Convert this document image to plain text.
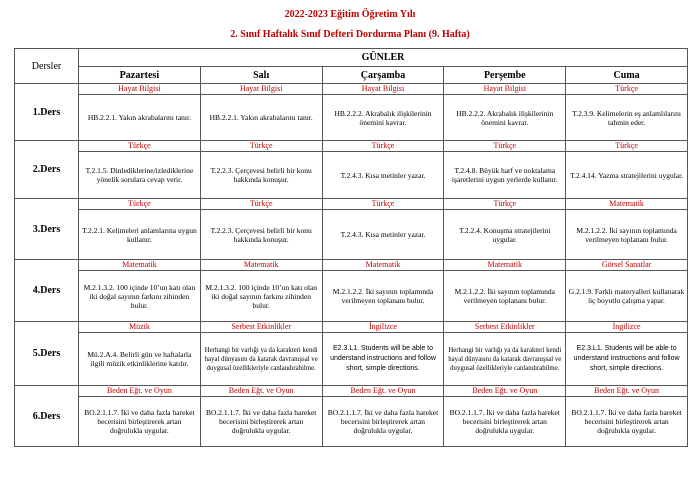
2022-2023 Eğitim Öğretim Yılı
2. Sınıf Haftalık Sınıf Defteri Dordurma Planı (9. Hafta)
Dersler	GÜNLER				
	Pazartesi	Salı	Çarşamba	Perşembe	Cuma
1.Ders	Hayat Bilgisi	Hayat Bilgisi	Hayat Bilgisi	Hayat Bilgisi	Türkçe
	HB.2.2.1. Yakın akrabalarını tanır.	HB.2.2.1. Yakın akrabalarını tanır.	HB.2.2.2. Akrabalık ilişkilerinin önemini kavrar.	HB.2.2.2. Akrabalık ilişkilerinin önemini kavrar.	T.2.3.9. Kelimelerin eş anlamlılarını tahmin eder.
2.Ders	Türkçe	Türkçe	Türkçe	Türkçe	Türkçe
	T.2.1.5. Dinlediklerine/izlediklerine yönelik sorulara cevap verir.	T.2.2.3. Çerçevesi belirli bir konu hakkında konuşur.	T.2.4.3. Kısa metinler yazar.	T.2.4.8. Büyük harf ve noktalama işaretlerini uygun yerlerde kullanır.	T.2.4.14. Yazma stratejilerini uygular.
3.Ders	Türkçe	Türkçe	Türkçe	Türkçe	Matematik
	T.2.2.1. Kelimeleri anlamlarına uygun kullanır.	T.2.2.3. Çerçevesi belirli bir konu hakkında konuşur.	T.2.4.3. Kısa metinler yazar.	T.2.2.4. Konuşma stratejilerini uygular.	M.2.1.2.2. İki sayının toplamında verilmeyen toplananı bulur.
4.Ders	Matematik	Matematik	Matematik	Matematik	Görsel Sanatlar
	M.2.1.3.2. 100 içinde 10’un katı olan iki doğal sayının farkını zihinden bulur.	M.2.1.3.2. 100 içinde 10’un katı olan iki doğal sayının farkını zihinden bulur.	M.2.1.2.2. İki sayının toplamında verilmeyen toplananı bulur.	M.2.1.2.2. İki sayının toplamında verilmeyen toplananı bulur.	G.2.1.9. Farklı materyalleri kullanarak üç boyutlu çalışma yapar.
5.Ders	Müzik	Serbest Etkinlikler	İngilizce	Serbest Etkinlikler	İngilizce
	Mü.2.A.4. Belirli gün ve haftalarla ilgili müzik etkinliklerine katılır.	Herhangi bir varlığı ya da karakteri kendi hayal dünyasını da katarak davranışsal ve duygusal özellikleriyle canlandırabilme.	E2.3.L1. Students will be able to understand instructions and follow short, simple directions.	Herhangi bir varlığı ya da karakteri kendi hayal dünyasını da katarak davranışsal ve duygusal özellikleriyle canlandırabilme.	E2.3.L1. Students will be able to understand instructions and follow short, simple directions.
6.Ders	Beden Eğt. ve Oyun	Beden Eğt. ve Oyun	Beden Eğt. ve Oyun	Beden Eğt. ve Oyun	Beden Eğt. ve Oyun
	BO.2.1.1.7. İki ve daha fazla hareket becerisini birleştirerek artan doğrulukla uygular.	BO.2.1.1.7. İki ve daha fazla hareket becerisini birleştirerek artan doğrulukla uygular.	BO.2.1.1.7. İki ve daha fazla hareket becerisini birleştirerek artan doğrulukla uygular.	BO.2.1.1.7. İki ve daha fazla hareket becerisini birleştirerek artan doğrulukla uygular.	BO.2.1.1.7. İki ve daha fazla hareket becerisini birleştirerek artan doğrulukla uygular.
